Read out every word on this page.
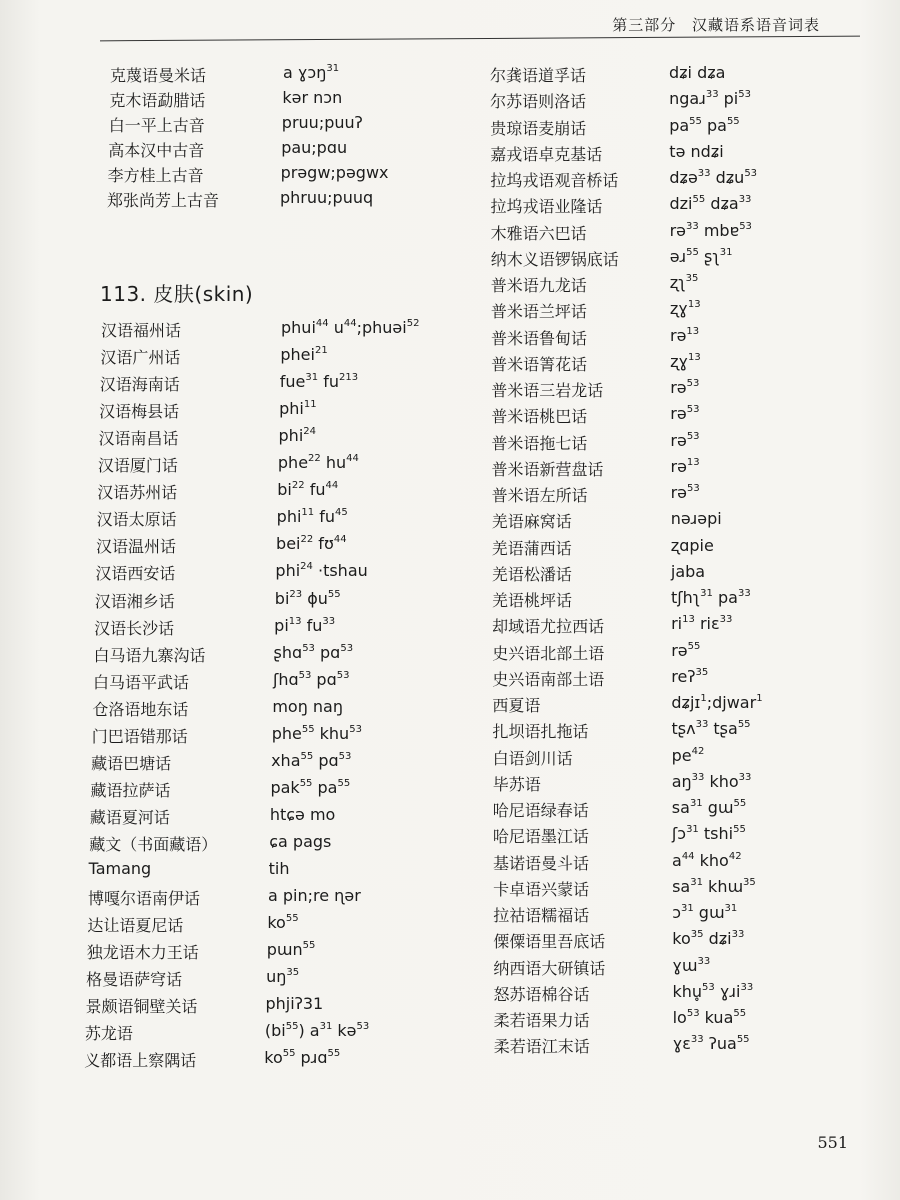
第三部分 汉藏语系语音词表
113. 皮肤(skin)
克蔑语曼米话	a ɣɔŋ$^{31}$
克木语勐腊话	kər nɔn
白一平上古音	pruu;puuʔ
高本汉中古音	pau;pɑu
李方桂上古音	prəgw;pəgwx
郑张尚芳上古音	phruu;puuq
汉语福州话	phui$^{44}$ $u^{44};phuəi^{52}$
汉语广州话	phei$^{21}$
汉语海南话	fue$^{31}$ $fu^{213}$
汉语梅县话	phi$^{11}$
汉语南昌话	phi$^{24}$
汉语厦门话	phe$^{22}$ $hu^{44}$
汉语苏州话	$bi^{22}$ $fu^{44}$
汉语太原话	phi$^{11}$ $fu^{45}$
汉语温州话	bei$^{22}$ fʊ$^{44}$
汉语西安话	phi$^{24}$ ·tshau
汉语湘乡话	$bi^{23}$ ɸu$^{55}$
汉语长沙话	$pi^{13}$ $fu^{33}$
白马语九寨沟话	ʂhɑ$^{53}$ pɑ$^{53}$
白马语平武话	ʃhɑ$^{53}$ pɑ$^{53}$
仓洛语地东话	moŋ naŋ
门巴语错那话	phe$^{55}$ khu$^{53}$
藏语巴塘话	xha$^{55}$ pɑ$^{53}$
藏语拉萨话	pak$^{55}$ $pa^{55}$
藏语夏河话	htɕə mo
藏文（书面藏语）	ɕa pags
Tamang	tih
博嘎尔语南伊话	a pin;re ɳər
达让语夏尼话	$ko^{55}$
独龙语木力王话	pɯn$^{55}$
格曼语萨穹话	$uŋ^{35}$
景颇语铜壁关话	phjiʔ31
苏龙语	$(bi^{55})$ $a^{31}$ kə$^{53}$
义都语上察隅话	$ko^{55}$ pɹɑ$^{55}$
尔龚语道孚话	dʑi dʑa
尔苏语则洛话	ngaɹ$^{33}$ $pi^{53}$
贵琼语麦崩话	$pa^{55}$ $pa^{55}$
嘉戎语卓克基话	tə ndʑi
拉坞戎语观音桥话	dʑə$^{33}$ dʑu$^{53}$
拉坞戎语业隆话	dzi$^{55}$ dʑa$^{33}$
木雅语六巴话	rə$^{33}$ mbɐ$^{53}$
纳木义语锣锅底话	əɹ$^{55}$ ʂʅ$^{31}$
普米语九龙话	ʐʅ$^{35}$
普米语兰坪话	ʐɣ$^{13}$
普米语鲁甸话	rə$^{13}$
普米语箐花话	ʐɣ$^{13}$
普米语三岩龙话	rə$^{53}$
普米语桃巴话	rə$^{53}$
普米语拖七话	rə$^{53}$
普米语新营盘话	rə$^{13}$
普米语左所话	rə$^{53}$
羌语麻窝话	nəɹəpi
羌语蒲西话	ʐɑpie
羌语松潘话	jaba
羌语桃坪话	tʃhʅ$^{31}$ $pa^{33}$
却域语尤拉西话	$ri^{13}$ riɛ$^{33}$
史兴语北部土语	rə$^{55}$
史兴语南部土语	reʔ$^{35}$
西夏语	dʑjɪ$^1$;djwar$^1$
扎坝语扎拖话	tʂʌ$^{33}$ tʂa$^{55}$
白语剑川话	$pe^{42}$
毕苏语	$aŋ^{33}$ kho$^{33}$
哈尼语绿春话	$sa^{31}$ gɯ$^{55}$
哈尼语墨江话	ʃɔ$^{31}$ tshi$^{55}$
基诺语曼斗话	$a^{44}$ kho$^{42}$
卡卓语兴蒙话	$sa^{31}$ khɯ$^{35}$
拉祜语糯福话	ɔ$^{31}$ gɯ$^{31}$
傈僳语里吾底话	$ko^{35}$ dʑi$^{33}$
纳西语大研镇话	ɣɯ$^{33}$
怒苏语棉谷话	khu̥$^{53}$ ɣɹi$^{33}$
柔若语果力话	$lo^{53}$ kua$^{55}$
柔若语江末话	ɣɛ$^{33}$ ʔua$^{55}$
551
